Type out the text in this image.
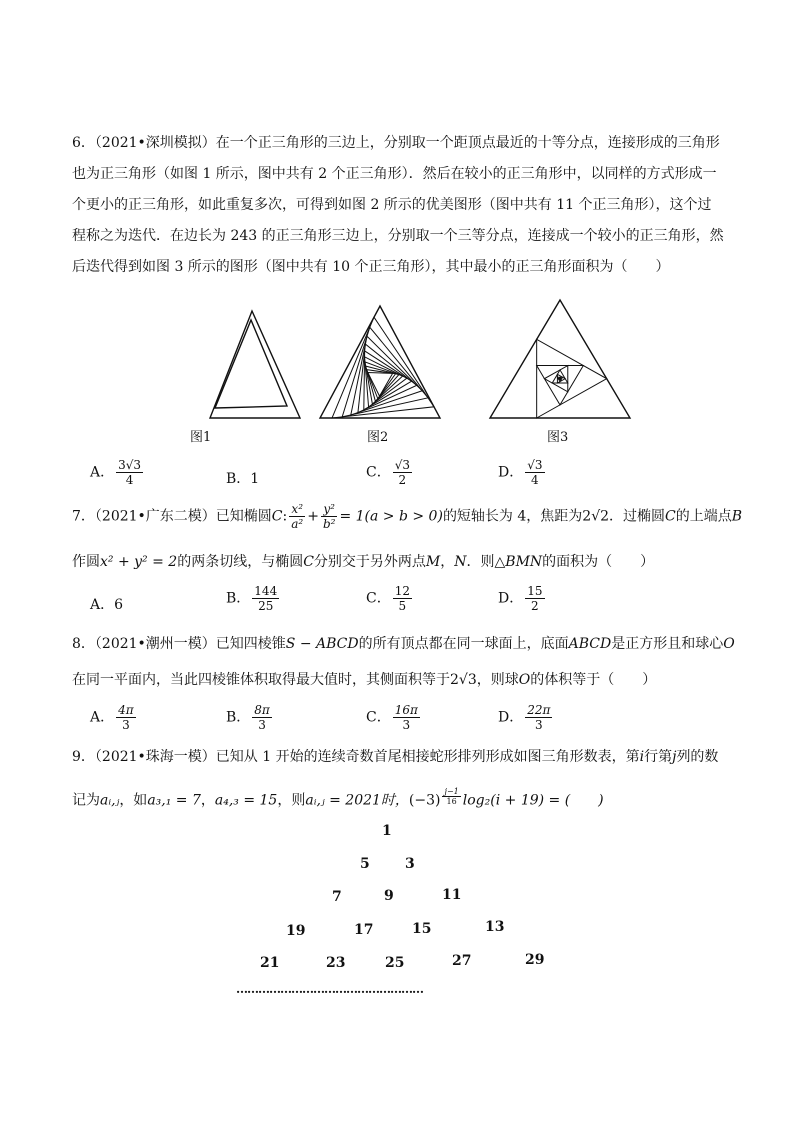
6．（2021•深圳模拟）在一个正三角形的三边上，分别取一个距顶点最近的十等分点，连接形成的三角形也为正三角形（如图 1 所示，图中共有 2 个正三角形）．然后在较小的正三角形中，以同样的方式形成一个更小的正三角形，如此重复多次，可得到如图 2 所示的优美图形（图中共有 11 个正三角形），这个过程称之为迭代．在边长为 243 的正三角形三边上，分别取一个三等分点，连接成一个较小的正三角形，然后迭代得到如图 3 所示的图形（图中共有 10 个正三角形），其中最小的正三角形面积为（　　）
图1	图2	图3
A． $\frac{3√3}{4}$	B．1	C． $\frac{√3}{2}$	D． $\frac{√3}{4}$
7．（2021•广东二模）已知椭圆C: $\frac{\text{x²}}{\text{a²}} + \frac{\text{y²}}{\text{b²}} = 1(a > b > 0)$的短轴长为 4，焦距为2√2．过椭圆C的上端点B
作圆x² + y² = 2的两条切线，与椭圆C分别交于另外两点M，N．则△BMN的面积为（　　）
A．6	B． $\frac{144}{25}$	C． $\frac{12}{5}$	D． $\frac{15}{2}$
8．（2021•潮州一模）已知四棱锥S − ABCD的所有顶点都在同一球面上，底面ABCD是正方形且和球心O
在同一平面内，当此四棱锥体积取得最大值时，其侧面积等于2√3，则球O的体积等于（　　）
A． $\frac{4\pi}{3}$	B． $\frac{8\pi}{3}$	C． $\frac{16\pi}{3}$	D． $\frac{22\pi}{3}$
9．（2021•珠海一模）已知从 1 开始的连续奇数首尾相接蛇形排列形成如图三角形数表，第i行第j列的数
记为aᵢ,ⱼ，如a₃,₁ = 7，a₄,₃ = 15，则aᵢ,ⱼ = 2021时，(−3) $^{\frac{j-1}{16}}$ log₂(i + 19) = (　　)
1
5	3
7	9	11
19	17	15	13
21	23	25	27	29
……………………………………………
